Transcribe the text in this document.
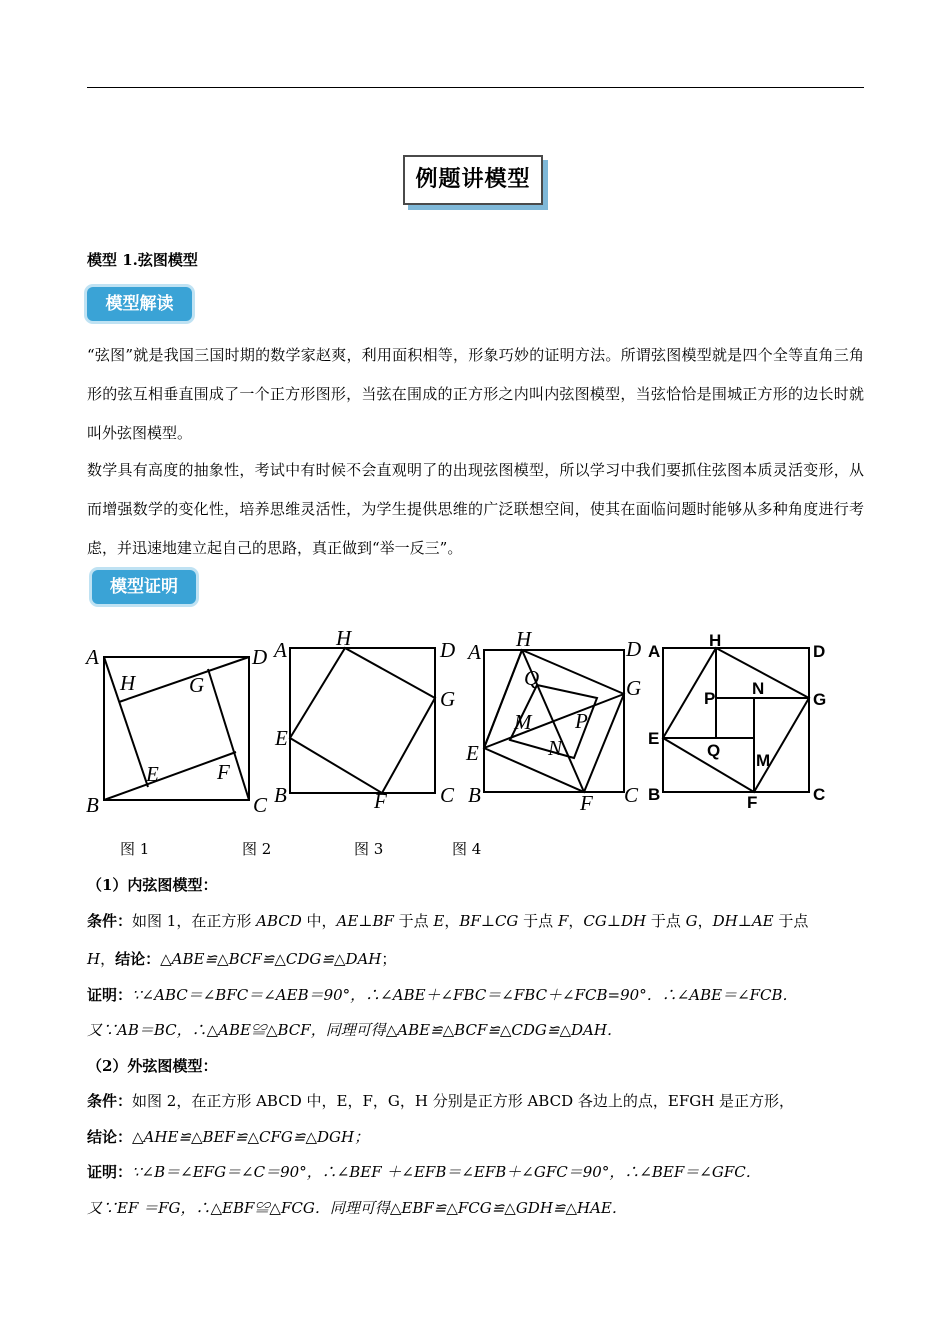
例题讲模型
模型 1.弦图模型
模型解读
“弦图”就是我国三国时期的数学家赵爽，利用面积相等，形象巧妙的证明方法。所谓弦图模型就是四个全等直角三角形的弦互相垂直围成了一个正方形图形，当弦在围成的正方形之内叫内弦图模型，当弦恰恰是围城正方形的边长时就叫外弦图模型。
数学具有高度的抽象性，考试中有时候不会直观明了的出现弦图模型，所以学习中我们要抓住弦图本质灵活变形，从而增强数学的变化性，培养思维灵活性，为学生提供思维的广泛联想空间，使其在面临问题时能够从多种角度进行考虑，并迅速地建立起自己的思路，真正做到“举一反三”。
模型证明
A
B	C
D
E	F
G
H
A
B	C
D
E
F
G
H
A
B	C
D
E
F
G
H
M
N
P
Q
A
B	C
D
E
F
G
H
M
N
P
Q
图 1	图 2	图 3	图 4
（1）内弦图模型：
条件：如图 1，在正方形 ABCD 中，AE⊥BF 于点 E，BF⊥CG 于点 F，CG⊥DH 于点 G，DH⊥AE 于点
H，结论：△ABE≌△BCF≌△CDG≌△DAH；
证明：∵∠ABC＝∠BFC＝∠AEB＝90°，∴∠ABE＋∠FBC＝∠FBC＋∠FCB=90°．∴∠ABE＝∠FCB．
又∵AB＝BC，∴△ABE≌△BCF，同理可得△ABE≌△BCF≌△CDG≌△DAH．
（2）外弦图模型：
条件：如图 2，在正方形 ABCD 中，E，F，G，H 分别是正方形 ABCD 各边上的点，EFGH 是正方形，
结论：△AHE≌△BEF≌△CFG≌△DGH；
证明：∵∠B＝∠EFG＝∠C＝90°，∴∠BEF ＋∠EFB＝∠EFB＋∠GFC＝90°，∴∠BEF＝∠GFC．
又∵EF ＝FG，∴△EBF≌△FCG．同理可得△EBF≌△FCG≌△GDH≌△HAE．
